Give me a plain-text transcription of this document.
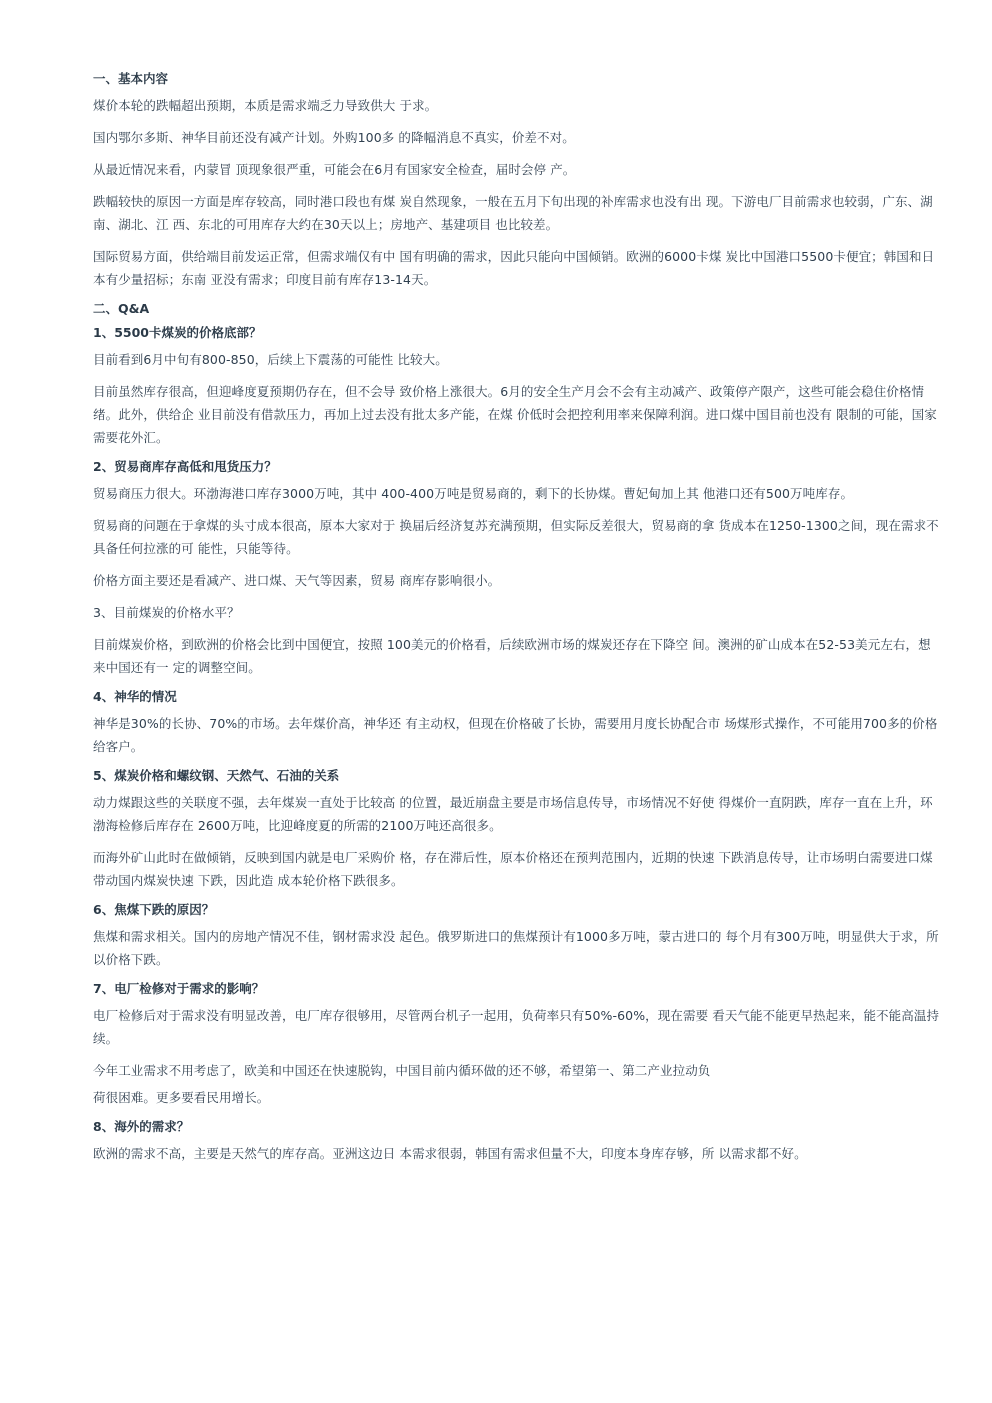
一、基本内容
煤价本轮的跌幅超出预期，本质是需求端乏力导致供大 于求。
国内鄂尔多斯、神华目前还没有减产计划。外购100多 的降幅消息不真实，价差不对。
从最近情况来看，内蒙冒 顶现象很严重，可能会在6月有国家安全检查，届时会停 产。
跌幅较快的原因一方面是库存较高，同时港口段也有煤 炭自然现象，一般在五月下旬出现的补库需求也没有出 现。下游电厂目前需求也较弱，广东、湖南、湖北、江 西、东北的可用库存大约在30天以上；房地产、基建项目 也比较差。
国际贸易方面，供给端目前发运正常，但需求端仅有中 国有明确的需求，因此只能向中国倾销。欧洲的6000卡煤 炭比中国港口5500卡便宜；韩国和日本有少量招标；东南 亚没有需求；印度目前有库存13-14天。
二、Q&A
1、5500卡煤炭的价格底部？
目前看到6月中旬有800-850，后续上下震荡的可能性 比较大。
目前虽然库存很高，但迎峰度夏预期仍存在，但不会导 致价格上涨很大。6月的安全生产月会不会有主动减产、政策停产限产，这些可能会稳住价格情绪。此外，供给企 业目前没有借款压力，再加上过去没有批太多产能，在煤 价低时会把控利用率来保障利润。进口煤中国目前也没有 限制的可能，国家需要花外汇。
2、贸易商库存高低和甩货压力？
贸易商压力很大。环渤海港口库存3000万吨，其中 400-400万吨是贸易商的，剩下的长协煤。曹妃甸加上其 他港口还有500万吨库存。
贸易商的问题在于拿煤的头寸成本很高，原本大家对于 换届后经济复苏充满预期，但实际反差很大，贸易商的拿 货成本在1250-1300之间，现在需求不具备任何拉涨的可 能性，只能等待。
价格方面主要还是看减产、进口煤、天气等因素，贸易 商库存影响很小。
3、目前煤炭的价格水平？
目前煤炭价格，到欧洲的价格会比到中国便宜，按照 100美元的价格看，后续欧洲市场的煤炭还存在下降空 间。澳洲的矿山成本在52-53美元左右，想来中国还有一 定的调整空间。
4、神华的情况
神华是30%的长协、70%的市场。去年煤价高，神华还 有主动权，但现在价格破了长协，需要用月度长协配合市 场煤形式操作，不可能用700多的价格给客户。
5、煤炭价格和螺纹钢、天然气、石油的关系
动力煤跟这些的关联度不强，去年煤炭一直处于比较高 的位置，最近崩盘主要是市场信息传导，市场情况不好使 得煤价一直阴跌，库存一直在上升，环渤海检修后库存在 2600万吨，比迎峰度夏的所需的2100万吨还高很多。
而海外矿山此时在做倾销，反映到国内就是电厂采购价 格，存在滞后性，原本价格还在预判范围内，近期的快速 下跌消息传导，让市场明白需要进口煤带动国内煤炭快速 下跌，因此造 成本轮价格下跌很多。
6、焦煤下跌的原因？
焦煤和需求相关。国内的房地产情况不佳，钢材需求没 起色。俄罗斯进口的焦煤预计有1000多万吨，蒙古进口的 每个月有300万吨，明显供大于求，所以价格下跌。
7、电厂检修对于需求的影响？
电厂检修后对于需求没有明显改善，电厂库存很够用，尽管两台机子一起用，负荷率只有50%-60%，现在需要 看天气能不能更早热起来，能不能高温持续。
今年工业需求不用考虑了，欧美和中国还在快速脱钩，中国目前内循环做的还不够，希望第一、第二产业拉动负
荷很困难。更多要看民用增长。
8、海外的需求？
欧洲的需求不高，主要是天然气的库存高。亚洲这边日 本需求很弱，韩国有需求但量不大，印度本身库存够，所 以需求都不好。
